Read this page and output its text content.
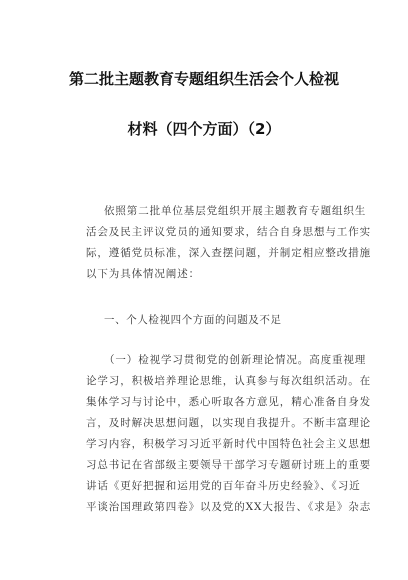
第二批主题教育专题组织生活会个人检视
材料（四个方面）（2）
依照第二批单位基层党组织开展主题教育专题组织生
活会及民主评议党员的通知要求，结合自身思想与工作实
际，遵循党员标准，深入查摆问题，并制定相应整改措施
以下为具体情况阐述：
一、个人检视四个方面的问题及不足
（一）检视学习贯彻党的创新理论情况。高度重视理
论学习，积极培养理论思维，认真参与每次组织活动。在
集体学习与讨论中，悉心听取各方意见，精心准备自身发
言，及时解决思想问题，以实现自我提升。不断丰富理论
学习内容，积极学习习近平新时代中国特色社会主义思想
习总书记在省部级主要领导干部学习专题研讨班上的重要
讲话《更好把握和运用党的百年奋斗历史经验》、《习近
平谈治国理政第四卷》以及党的XX大报告、《求是》杂志
